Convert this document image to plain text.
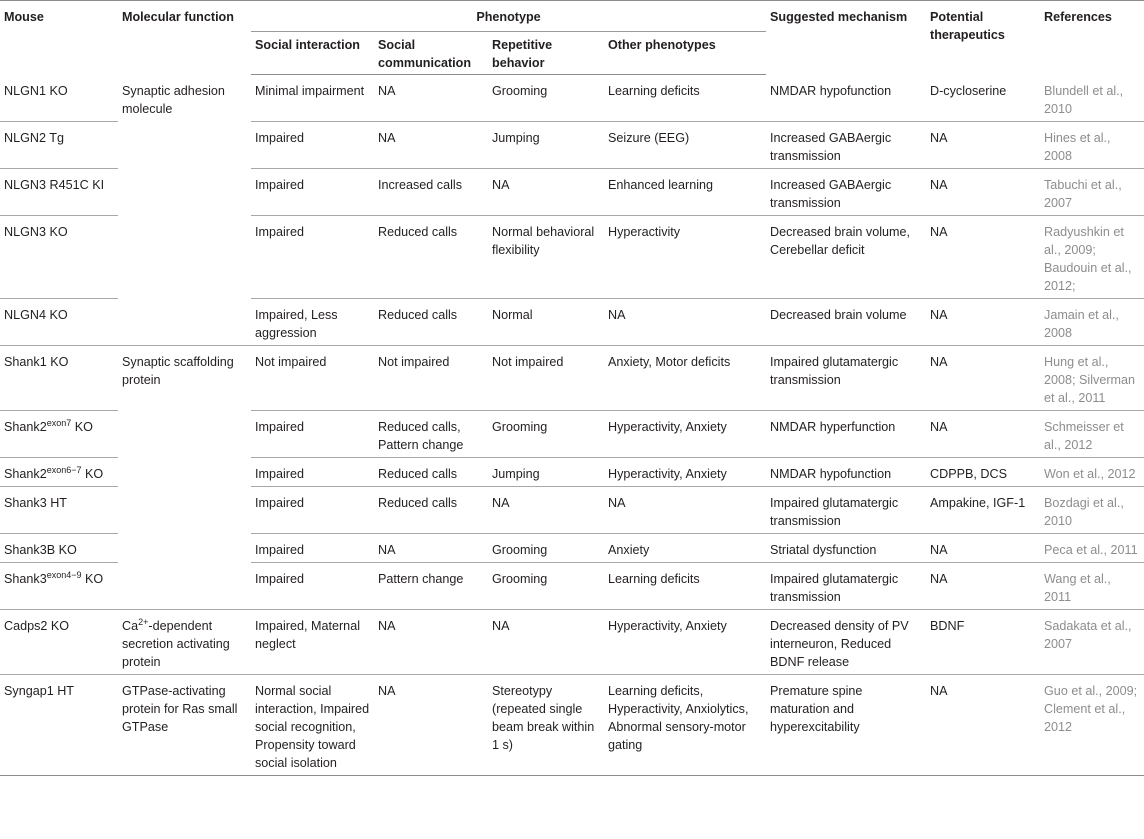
Mouse	Molecular function	Phenotype				Suggested mechanism	Potential therapeutics	References
		Social interaction	Social communication	Repetitive behavior	Other phenotypes			
NLGN1 KO	Synaptic adhesion molecule	Minimal impairment	NA	Grooming	Learning deficits	NMDAR hypofunction	D-cycloserine	Blundell et al., 2010
NLGN2 Tg		Impaired	NA	Jumping	Seizure (EEG)	Increased GABAergic transmission	NA	Hines et al., 2008
NLGN3 R451C KI		Impaired	Increased calls	NA	Enhanced learning	Increased GABAergic transmission	NA	Tabuchi et al., 2007
NLGN3 KO		Impaired	Reduced calls	Normal behavioral flexibility	Hyperactivity	Decreased brain volume, Cerebellar deficit	NA	Radyushkin et al., 2009; Baudouin et al., 2012;
NLGN4 KO		Impaired, Less aggression	Reduced calls	Normal	NA	Decreased brain volume	NA	Jamain et al., 2008
Shank1 KO	Synaptic scaffolding protein	Not impaired	Not impaired	Not impaired	Anxiety, Motor deficits	Impaired glutamatergic transmission	NA	Hung et al., 2008; Silverman et al., 2011
$Shank2^{exon7}$ KO		Impaired	Reduced calls, Pattern change	Grooming	Hyperactivity, Anxiety	NMDAR hyperfunction	NA	Schmeisser et al., 2012
$Shank2^{exon6-7}$ KO		Impaired	Reduced calls	Jumping	Hyperactivity, Anxiety	NMDAR hypofunction	CDPPB, DCS	Won et al., 2012
Shank3 HT		Impaired	Reduced calls	NA	NA	Impaired glutamatergic transmission	Ampakine, IGF-1	Bozdagi et al., 2010
Shank3B KO		Impaired	NA	Grooming	Anxiety	Striatal dysfunction	NA	Peca et al., 2011
$Shank3^{exon4-9}$ KO		Impaired	Pattern change	Grooming	Learning deficits	Impaired glutamatergic transmission	NA	Wang et al., 2011
Cadps2 KO	$Ca^{2+}$-dependent secretion activating protein	Impaired, Maternal neglect	NA	NA	Hyperactivity, Anxiety	Decreased density of PV interneuron, Reduced BDNF release	BDNF	Sadakata et al., 2007
Syngap1 HT	GTPase-activating protein for Ras small GTPase	Normal social interaction, Impaired social recognition, Propensity toward social isolation	NA	Stereotypy (repeated single beam break within 1 s)	Learning deficits, Hyperactivity, Anxiolytics, Abnormal sensory-motor gating	Premature spine maturation and hyperexcitability	NA	Guo et al., 2009; Clement et al., 2012
